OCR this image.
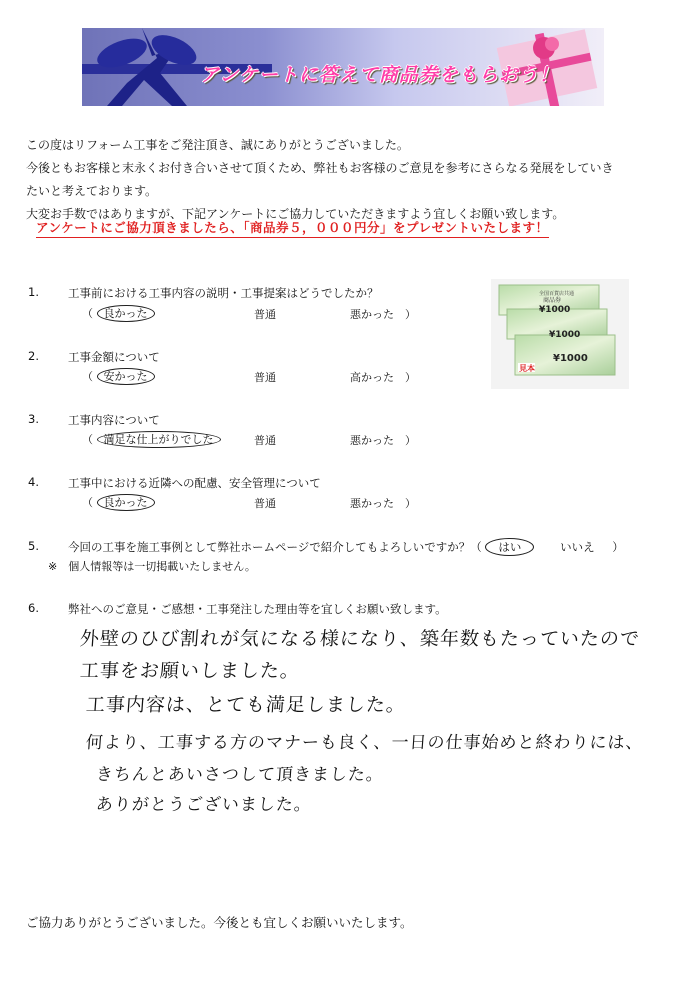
アンケートに答えて商品券をもらおう！

この度はリフォーム工事をご発注頂き、誠にありがとうございました。

今後ともお客様と末永くお付き合いさせて頂くため、弊社もお客様のご意見を参考にさらなる発展をしていき

たいと考えております。

大変お手数ではありますが、下記アンケートにご協力していただきますよう宜しくお願い致します。

アンケートにご協力頂きましたら、「商品券５，０００円分」をプレゼントいたします！
全国百貨店共通
商品券
¥1000
¥1000
¥1000
見本
1.	工事前における工事内容の説明・工事提案はどうでしたか？
（ 良かった	普通	悪かった　）
2.	工事金額について
（ 安かった	普通	高かった　）
3.	工事内容について
（ 満足な仕上がりでした	普通	悪かった　）
4.	工事中における近隣への配慮、安全管理について
（ 良かった	普通	悪かった　）
5.	今回の工事を施工事例として弊社ホームページで紹介してもよろしいですか？（ はい	いいえ ）
※　個人情報等は一切掲載いたしません。
6.	弊社へのご意見・ご感想・工事発注した理由等を宜しくお願い致します。
外壁のひび割れが気になる様になり、築年数もたっていたので
工事をお願いしました。
工事内容は、とても満足しました。
何より、工事する方のマナーも良く、一日の仕事始めと終わりには、
きちんとあいさつして頂きました。
ありがとうございました。
ご協力ありがとうございました。今後とも宜しくお願いいたします。
